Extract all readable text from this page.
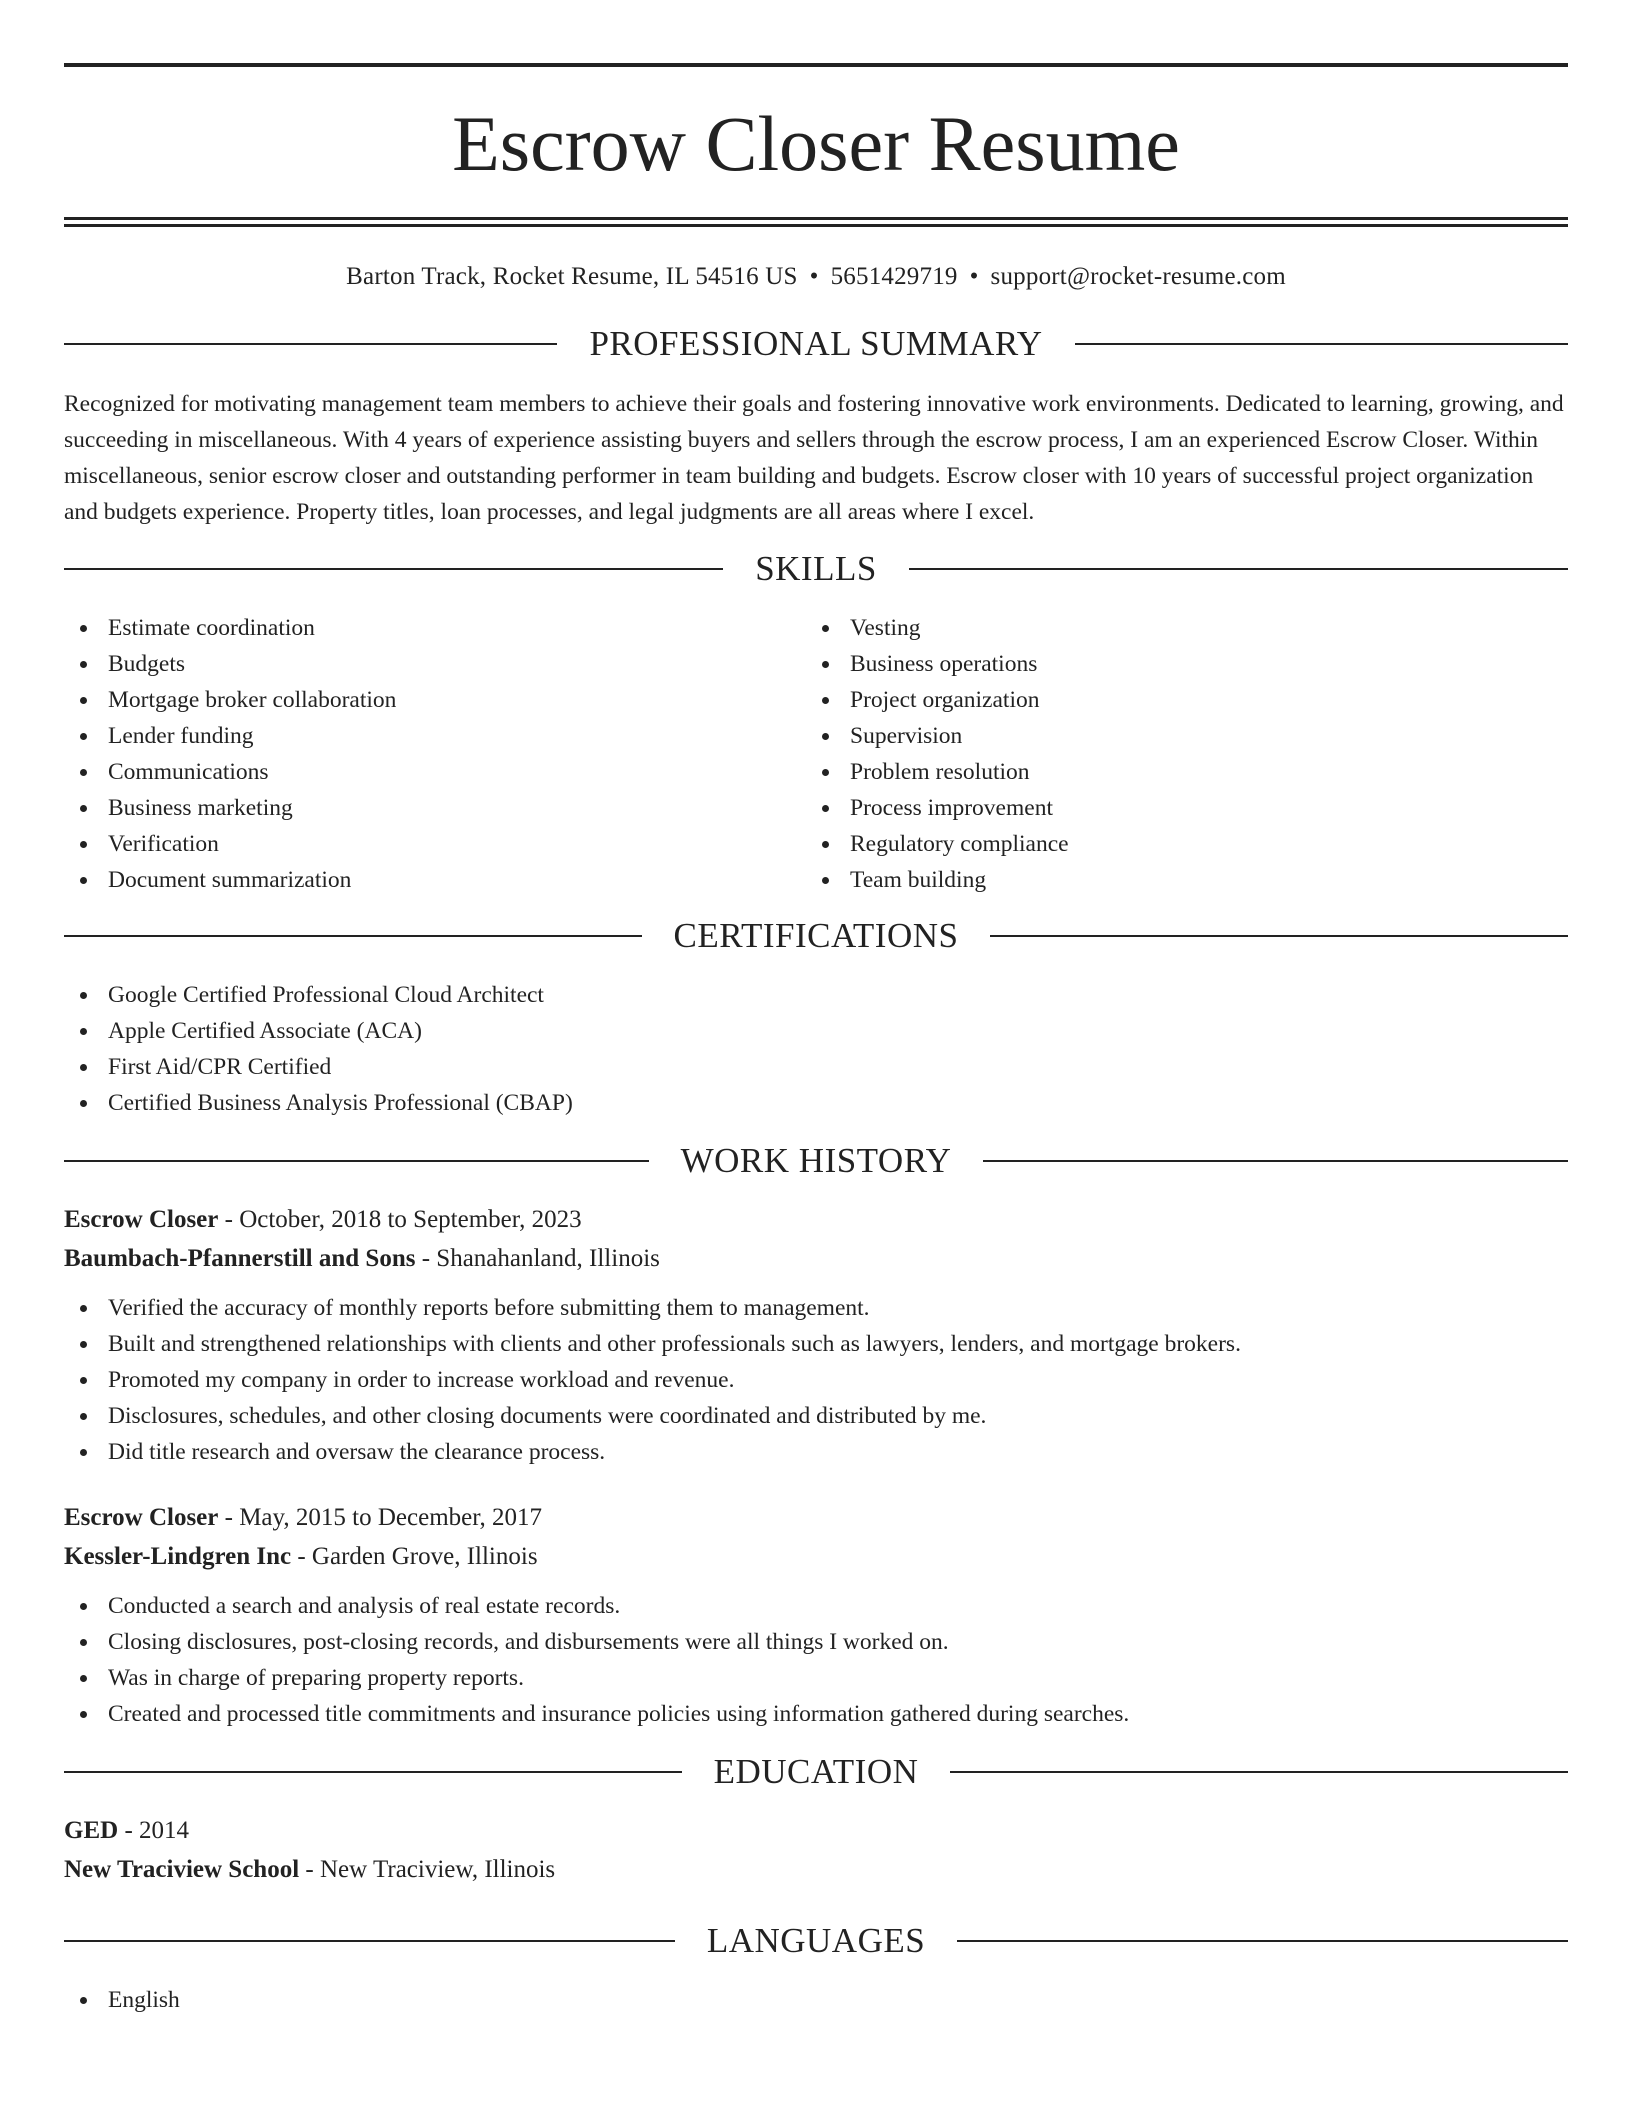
Escrow Closer Resume
Barton Track, Rocket Resume, IL 54516 US • 5651429719 • support@rocket-resume.com
PROFESSIONAL SUMMARY

Recognized for motivating management team members to achieve their goals and fostering innovative work environments. Dedicated to learning, growing, and succeeding in miscellaneous. With 4 years of experience assisting buyers and sellers through the escrow process, I am an experienced Escrow Closer. Within miscellaneous, senior escrow closer and outstanding performer in team building and budgets. Escrow closer with 10 years of successful project organization and budgets experience. Property titles, loan processes, and legal judgments are all areas where I excel.

SKILLS
Estimate coordination
Budgets
Mortgage broker collaboration
Lender funding
Communications
Business marketing
Verification
Document summarization
Vesting
Business operations
Project organization
Supervision
Problem resolution
Process improvement
Regulatory compliance
Team building
CERTIFICATIONS
Google Certified Professional Cloud Architect
Apple Certified Associate (ACA)
First Aid/CPR Certified
Certified Business Analysis Professional (CBAP)
WORK HISTORY
Escrow Closer - October, 2018 to September, 2023
Baumbach-Pfannerstill and Sons - Shanahanland, Illinois
Verified the accuracy of monthly reports before submitting them to management.
Built and strengthened relationships with clients and other professionals such as lawyers, lenders, and mortgage brokers.
Promoted my company in order to increase workload and revenue.
Disclosures, schedules, and other closing documents were coordinated and distributed by me.
Did title research and oversaw the clearance process.
Escrow Closer - May, 2015 to December, 2017
Kessler-Lindgren Inc - Garden Grove, Illinois
Conducted a search and analysis of real estate records.
Closing disclosures, post-closing records, and disbursements were all things I worked on.
Was in charge of preparing property reports.
Created and processed title commitments and insurance policies using information gathered during searches.
EDUCATION
GED - 2014
New Traciview School - New Traciview, Illinois
LANGUAGES
English
